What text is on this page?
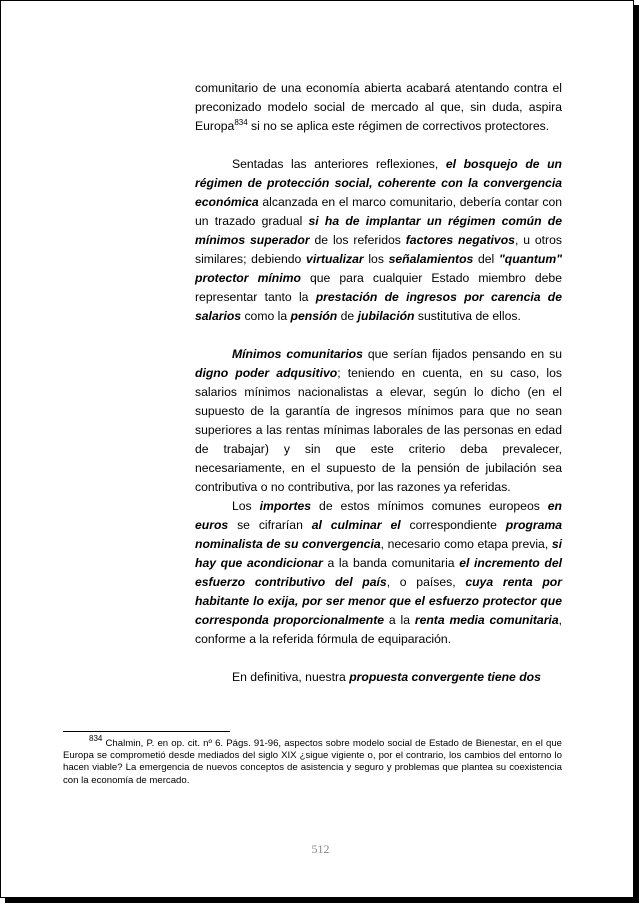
comunitario de una economía abierta acabará atentando contra el preconizado modelo social de mercado al que, sin duda, aspira Europa$^{834}$ si no se aplica este régimen de correctivos protectores.

Sentadas las anteriores reflexiones, el bosquejo de un régimen de protección social, coherente con la convergencia económica alcanzada en el marco comunitario, debería contar con un trazado gradual si ha de implantar un régimen común de mínimos superador de los referidos factores negativos, u otros similares; debiendo virtualizar los señalamientos del "quantum" protector mínimo que para cualquier Estado miembro debe representar tanto la prestación de ingresos por carencia de salarios como la pensión de jubilación sustitutiva de ellos.

Mínimos comunitarios que serían fijados pensando en su digno poder adqusitivo; teniendo en cuenta, en su caso, los salarios mínimos nacionalistas a elevar, según lo dicho (en el supuesto de la garantía de ingresos mínimos para que no sean superiores a las rentas mínimas laborales de las personas en edad de trabajar) y sin que este criterio deba prevalecer, necesariamente, en el supuesto de la pensión de jubilación sea contributiva o no contributiva, por las razones ya referidas.

Los importes de estos mínimos comunes europeos en euros se cifrarían al culminar el correspondiente programa nominalista de su convergencia, necesario como etapa previa, si hay que acondicionar a la banda comunitaria el incremento del esfuerzo contributivo del país, o países, cuya renta por habitante lo exija, por ser menor que el esfuerzo protector que corresponda proporcionalmente a la renta media comunitaria, conforme a la referida fórmula de equiparación.

En definitiva, nuestra propuesta convergente tiene dos

$^{834}$ Chalmin, P. en op. cit. nº 6. Págs. 91-96, aspectos sobre modelo social de Estado de Bienestar, en el que Europa se comprometió desde mediados del siglo XIX ¿sigue vigiente o, por el contrario, los cambios del entorno lo hacen viable? La emergencia de nuevos conceptos de asistencia y seguro y problemas que plantea su coexistencia con la economía de mercado.
512
